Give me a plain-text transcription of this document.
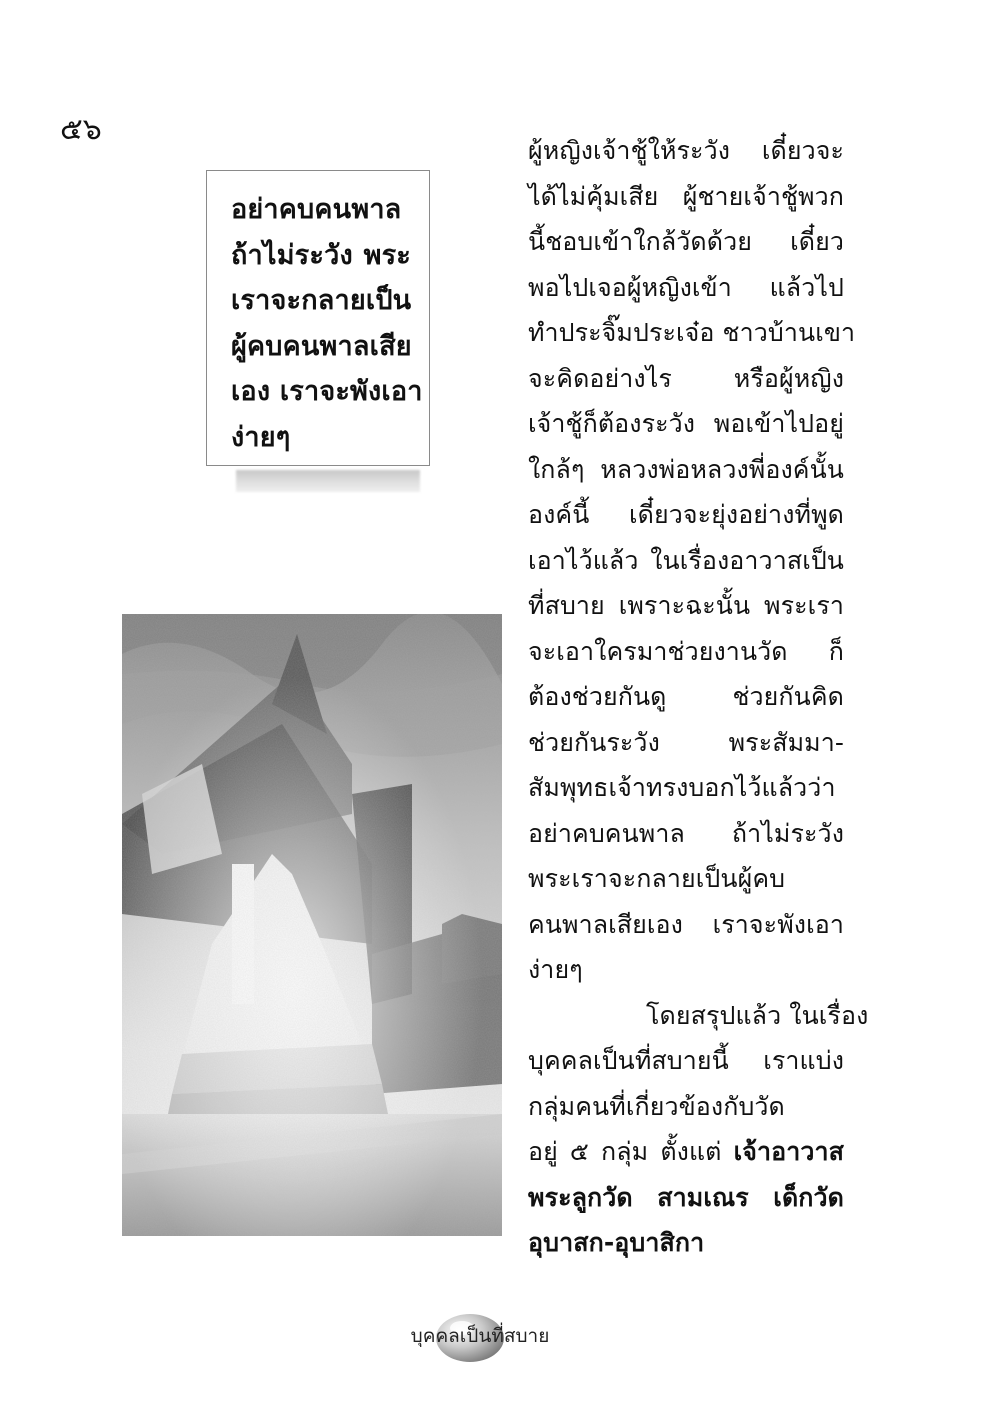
๕๖
อย่าคบคนพาล
ถ้าไม่ระวัง พระ
เราจะกลายเป็น
ผู้คบคนพาลเสีย
เอง เราจะพังเอา
ง่ายๆ
ผู้หญิงเจ้าชู้ให้ระวัง เดี๋ยวจะ
ได้ไม่คุ้มเสีย ผู้ชายเจ้าชู้พวก
นี้ชอบเข้าใกล้วัดด้วย เดี๋ยว
พอไปเจอผู้หญิงเข้า แล้วไป
ทำประจิ๊มประเจ๋อ ชาวบ้านเขา
จะคิดอย่างไร หรือผู้หญิง
เจ้าชู้ก็ต้องระวัง พอเข้าไปอยู่
ใกล้ๆ หลวงพ่อหลวงพี่องค์นั้น
องค์นี้ เดี๋ยวจะยุ่งอย่างที่พูด
เอาไว้แล้ว ในเรื่องอาวาสเป็น
ที่สบาย เพราะฉะนั้น พระเรา
จะเอาใครมาช่วยงานวัด ก็
ต้องช่วยกันดู ช่วยกันคิด
ช่วยกันระวัง พระสัมมา-
สัมพุทธเจ้าทรงบอกไว้แล้วว่า
อย่าคบคนพาล ถ้าไม่ระวัง
พระเราจะกลายเป็นผู้คบ
คนพาลเสียเอง เราจะพังเอา
ง่ายๆ
โดยสรุปแล้ว ในเรื่อง
บุคคลเป็นที่สบายนี้ เราแบ่ง
กลุ่มคนที่เกี่ยวข้องกับวัด
อยู่ ๕ กลุ่ม ตั้งแต่ เจ้าอาวาส
พระลูกวัด สามเณร เด็กวัด
อุบาสก-อุบาสิกา
บุคคลเป็นที่สบาย
